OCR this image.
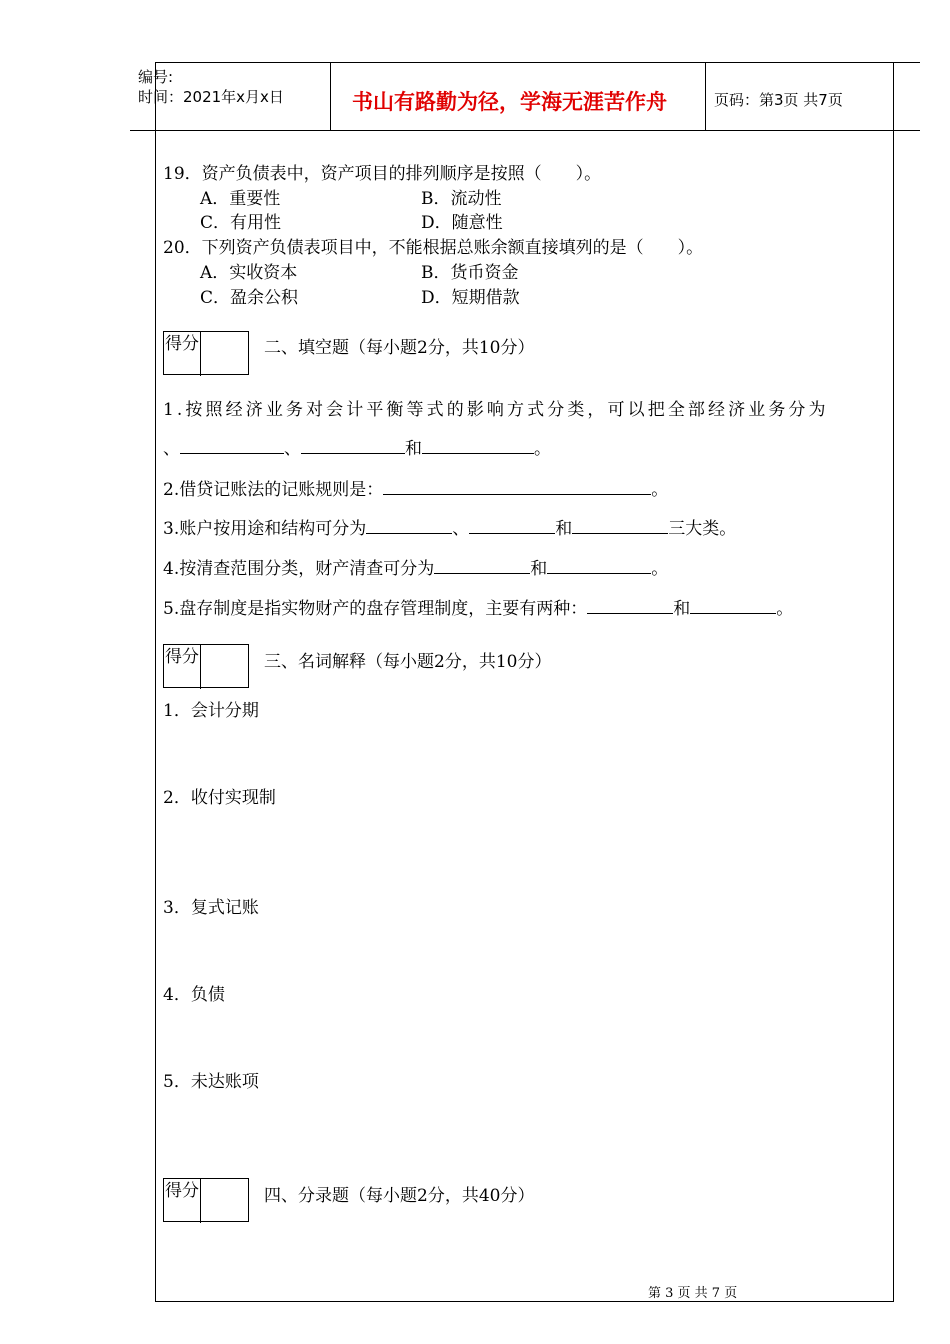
编号:
时间：2021年x月x日	书山有路勤为径，学海无涯苦作舟	页码：第3页 共7页
19．资产负债表中，资产项目的排列顺序是按照（　　）。
A．重要性	B．流动性
C．有用性	D．随意性
20．下列资产负债表项目中，不能根据总账余额直接填列的是（　　）。
A．实收资本	B．货币资金
C．盈余公积	D．短期借款
得分	二、填空题（每小题2分，共10分）
1.按照经济业务对会计平衡等式的影响方式分类，可以把全部经济业务分为
、	、	和	。
2.借贷记账法的记账规则是：	。
3.账户按用途和结构可分为	、	和	三大类。
4.按清查范围分类，财产清查可分为	和	。
5.盘存制度是指实物财产的盘存管理制度，主要有两种：	和	。
得分	三、名词解释（每小题2分，共10分）
1．会计分期
2．收付实现制
3．复式记账
4．负债
5．未达账项
得分	四、分录题（每小题2分，共40分）
第 3 页 共 7 页
